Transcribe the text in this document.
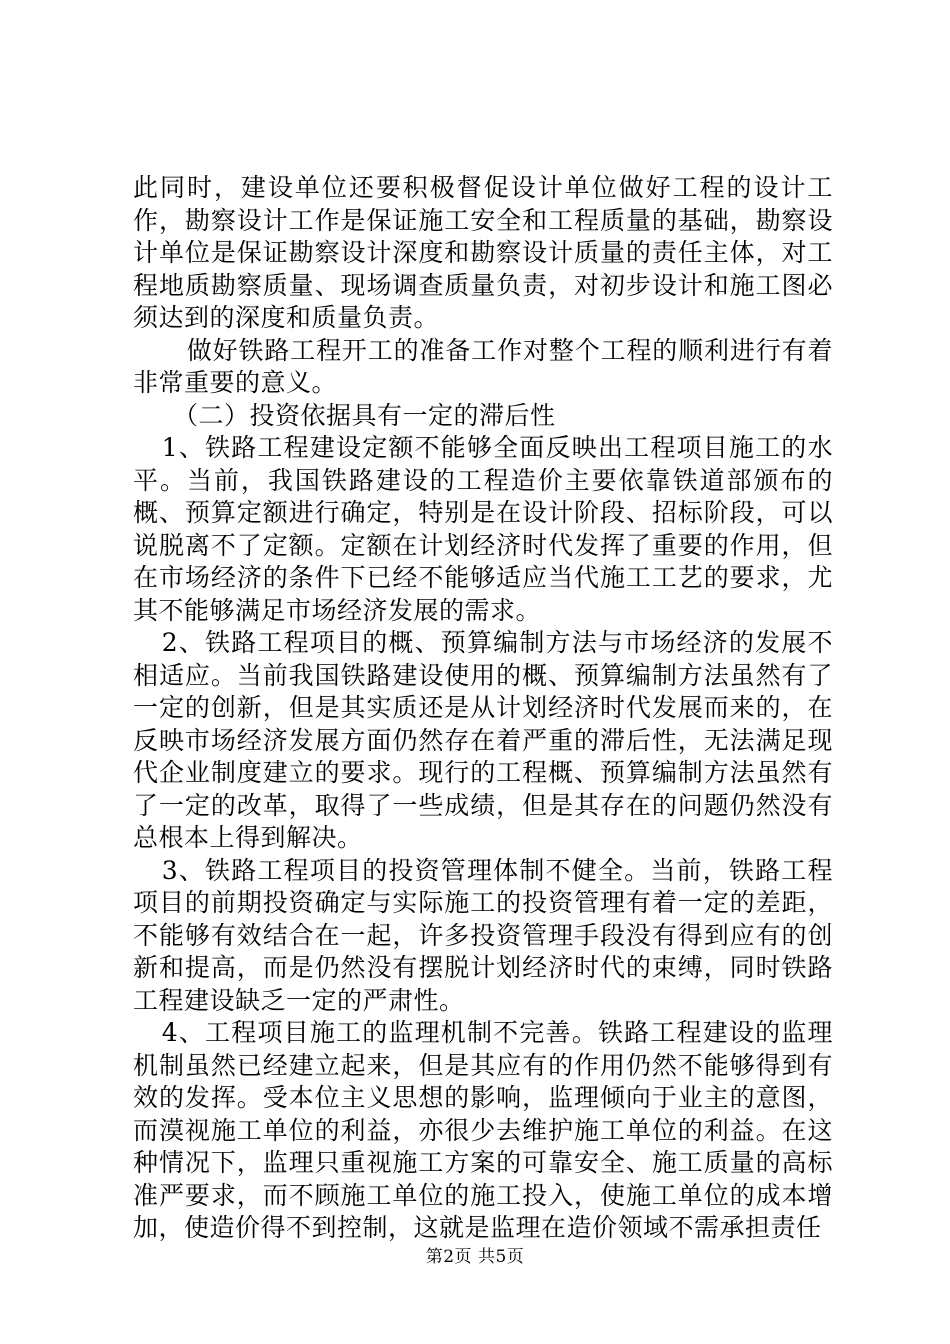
此同时，建设单位还要积极督促设计单位做好工程的设计工作，勘察设计工作是保证施工安全和工程质量的基础，勘察设计单位是保证勘察设计深度和勘察设计质量的责任主体，对工程地质勘察质量、现场调查质量负责，对初步设计和施工图必须达到的深度和质量负责。

做好铁路工程开工的准备工作对整个工程的顺利进行有着非常重要的意义。

（二）投资依据具有一定的滞后性

1、铁路工程建设定额不能够全面反映出工程项目施工的水平。当前，我国铁路建设的工程造价主要依靠铁道部颁布的概、预算定额进行确定，特别是在设计阶段、招标阶段，可以说脱离不了定额。定额在计划经济时代发挥了重要的作用，但在市场经济的条件下已经不能够适应当代施工工艺的要求，尤其不能够满足市场经济发展的需求。

2、铁路工程项目的概、预算编制方法与市场经济的发展不相适应。当前我国铁路建设使用的概、预算编制方法虽然有了一定的创新，但是其实质还是从计划经济时代发展而来的，在反映市场经济发展方面仍然存在着严重的滞后性，无法满足现代企业制度建立的要求。现行的工程概、预算编制方法虽然有了一定的改革，取得了一些成绩，但是其存在的问题仍然没有总根本上得到解决。

3、铁路工程项目的投资管理体制不健全。当前，铁路工程项目的前期投资确定与实际施工的投资管理有着一定的差距，不能够有效结合在一起，许多投资管理手段没有得到应有的创新和提高，而是仍然没有摆脱计划经济时代的束缚，同时铁路工程建设缺乏一定的严肃性。

4、工程项目施工的监理机制不完善。铁路工程建设的监理机制虽然已经建立起来，但是其应有的作用仍然不能够得到有效的发挥。受本位主义思想的影响，监理倾向于业主的意图，而漠视施工单位的利益，亦很少去维护施工单位的利益。在这种情况下，监理只重视施工方案的可靠安全、施工质量的高标准严要求，而不顾施工单位的施工投入，使施工单位的成本增加，使造价得不到控制，这就是监理在造价领域不需承担责任

第2页 共5页
